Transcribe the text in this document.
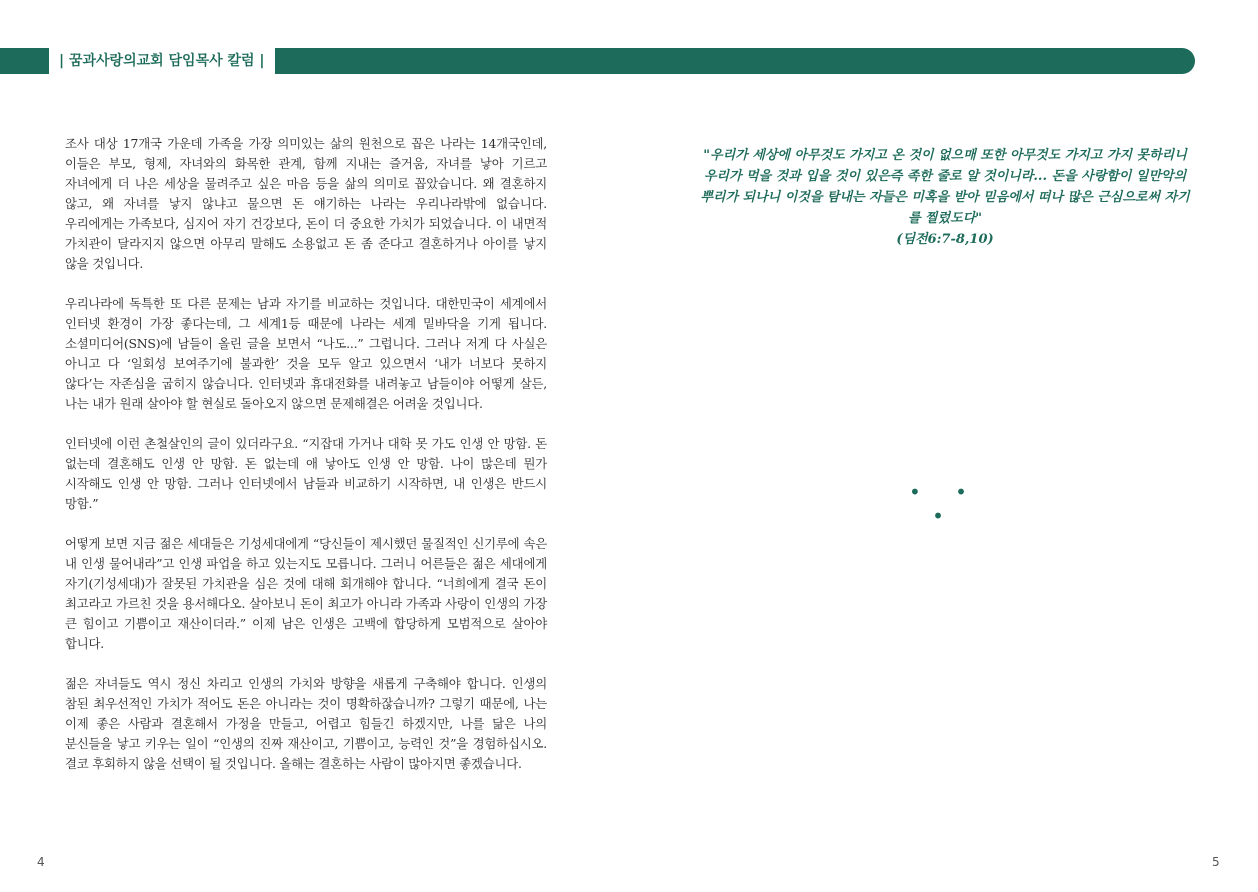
| 꿈과사랑의교회 담임목사 칼럼 |

조사 대상 17개국 가운데 가족을 가장 의미있는 삶의 원천으로 꼽은 나라는 14개국인데, 이들은 부모, 형제, 자녀와의 화목한 관계, 함께 지내는 즐거움, 자녀를 낳아 기르고 자녀에게 더 나은 세상을 물려주고 싶은 마음 등을 삶의 의미로 꼽았습니다. 왜 결혼하지 않고, 왜 자녀를 낳지 않냐고 물으면 돈 얘기하는 나라는 우리나라밖에 없습니다. 우리에게는 가족보다, 심지어 자기 건강보다, 돈이 더 중요한 가치가 되었습니다. 이 내면적 가치관이 달라지지 않으면 아무리 말해도 소용없고 돈 좀 준다고 결혼하거나 아이를 낳지 않을 것입니다.

우리나라에 독특한 또 다른 문제는 남과 자기를 비교하는 것입니다. 대한민국이 세계에서 인터넷 환경이 가장 좋다는데, 그 세계1등 때문에 나라는 세계 밑바닥을 기게 됩니다. 소셜미디어(SNS)에 남들이 올린 글을 보면서 “나도...” 그럽니다. 그러나 저게 다 사실은 아니고 다 ‘일회성 보여주기에 불과한’ 것을 모두 알고 있으면서 ‘내가 너보다 못하지 않다’는 자존심을 굽히지 않습니다. 인터넷과 휴대전화를 내려놓고 남들이야 어떻게 살든, 나는 내가 원래 살아야 할 현실로 돌아오지 않으면 문제해결은 어려울 것입니다.

인터넷에 이런 촌철살인의 글이 있더라구요. “지잡대 가거나 대학 못 가도 인생 안 망함. 돈 없는데 결혼해도 인생 안 망함. 돈 없는데 애 낳아도 인생 안 망함. 나이 많은데 뭔가 시작해도 인생 안 망함. 그러나 인터넷에서 남들과 비교하기 시작하면, 내 인생은 반드시 망함.”

어떻게 보면 지금 젊은 세대들은 기성세대에게 “당신들이 제시했던 물질적인 신기루에 속은 내 인생 물어내라”고 인생 파업을 하고 있는지도 모릅니다. 그러니 어른들은 젊은 세대에게 자기(기성세대)가 잘못된 가치관을 심은 것에 대해 회개해야 합니다. “너희에게 결국 돈이 최고라고 가르친 것을 용서해다오. 살아보니 돈이 최고가 아니라 가족과 사랑이 인생의 가장 큰 힘이고 기쁨이고 재산이더라.” 이제 남은 인생은 고백에 합당하게 모범적으로 살아야 합니다.

젊은 자녀들도 역시 정신 차리고 인생의 가치와 방향을 새롭게 구축해야 합니다. 인생의 참된 최우선적인 가치가 적어도 돈은 아니라는 것이 명확하잖습니까? 그렇기 때문에, 나는 이제 좋은 사람과 결혼해서 가정을 만들고, 어렵고 힘들긴 하겠지만, 나를 닮은 나의 분신들을 낳고 키우는 일이 “인생의 진짜 재산이고, 기쁨이고, 능력인 것”을 경험하십시오. 결코 후회하지 않을 선택이 될 것입니다. 올해는 결혼하는 사람이 많아지면 좋겠습니다.

"우리가 세상에 아무것도 가지고 온 것이 없으매 또한 아무것도 가지고 가지 못하리니 우리가 먹을 것과 입을 것이 있은즉 족한 줄로 알 것이니라... 돈을 사랑함이 일만악의 뿌리가 되나니 이것을 탐내는 자들은 미혹을 받아 믿음에서 떠나 많은 근심으로써 자기를 찔렀도다"
(딤전6:7-8,10)
• • •
4	5
